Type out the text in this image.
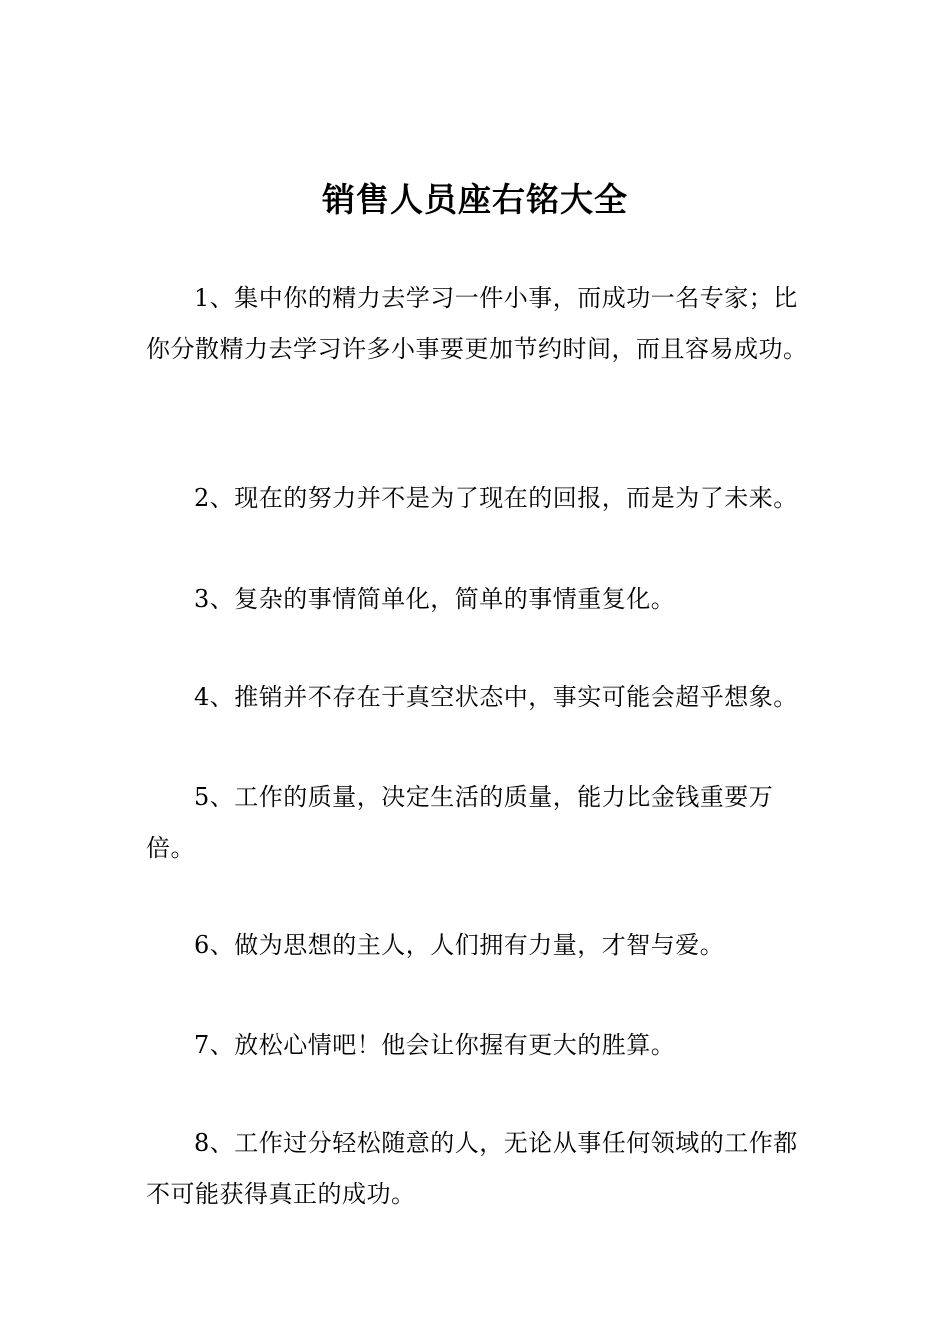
销售人员座右铭大全

1、集中你的精力去学习一件小事，而成功一名专家；比你分散精力去学习许多小事要更加节约时间，而且容易成功。

2、现在的努力并不是为了现在的回报，而是为了未来。

3、复杂的事情简单化，简单的事情重复化。

4、推销并不存在于真空状态中，事实可能会超乎想象。

5、工作的质量，决定生活的质量，能力比金钱重要万倍。

6、做为思想的主人，人们拥有力量，才智与爱。

7、放松心情吧！他会让你握有更大的胜算。

8、工作过分轻松随意的人，无论从事任何领域的工作都不可能获得真正的成功。
